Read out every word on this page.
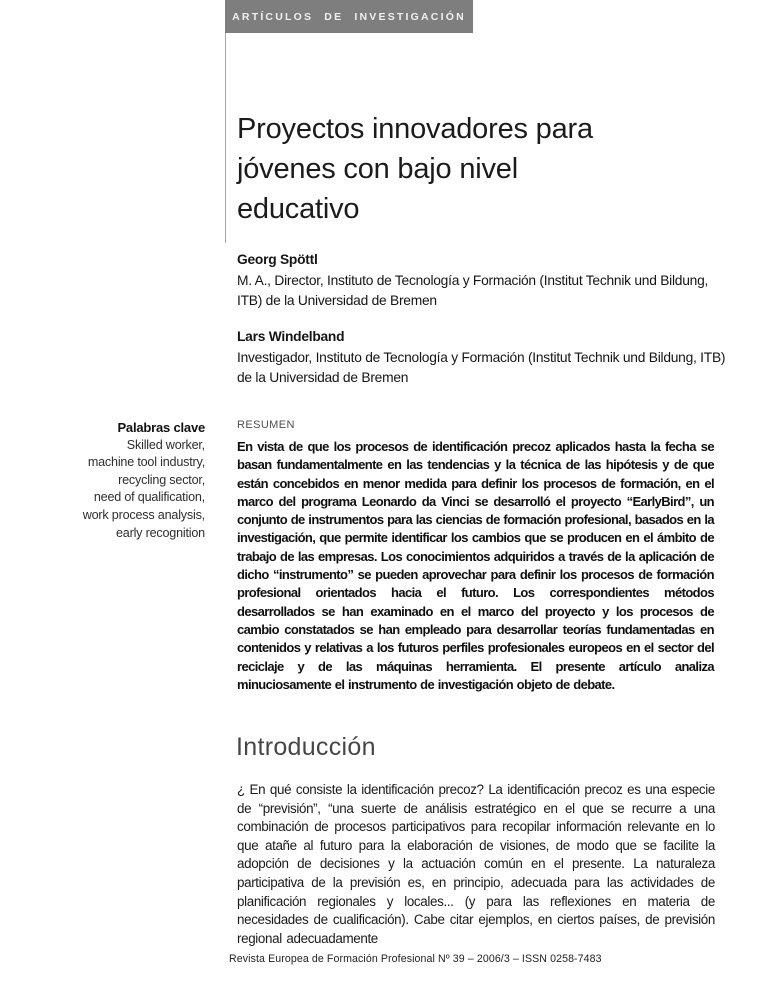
ARTÍCULOS DE INVESTIGACIÓN
Proyectos innovadores para
jóvenes con bajo nivel
educativo
Georg Spöttl
M. A., Director, Instituto de Tecnología y Formación (Institut Technik und Bildung, ITB) de la Universidad de Bremen
Lars Windelband
Investigador, Instituto de Tecnología y Formación (Institut Technik und Bildung, ITB) de la Universidad de Bremen
Palabras clave
Skilled worker,
machine tool industry,
recycling sector,
need of qualification,
work process analysis,
early recognition
RESUMEN
En vista de que los procesos de identificación precoz aplicados hasta la fecha se basan fundamentalmente en las tendencias y la técnica de las hipótesis y de que están concebidos en menor medida para definir los procesos de formación, en el marco del programa Leonardo da Vinci se desarrolló el proyecto “EarlyBird”, un conjunto de instrumentos para las ciencias de formación profesional, basados en la investigación, que permite identificar los cambios que se producen en el ámbito de trabajo de las empresas. Los conocimientos adquiridos a través de la aplicación de dicho “instrumento” se pueden aprovechar para definir los procesos de formación profesional orientados hacia el futuro. Los correspondientes métodos desarrollados se han examinado en el marco del proyecto y los procesos de cambio constatados se han empleado para desarrollar teorías fundamentadas en contenidos y relativas a los futuros perfiles profesionales europeos en el sector del reciclaje y de las máquinas herramienta. El presente artículo analiza minuciosamente el instrumento de investigación objeto de debate.
Introducción
¿ En qué consiste la identificación precoz? La identificación precoz es una especie de “previsión”, “una suerte de análisis estratégico en el que se recurre a una combinación de procesos participativos para recopilar información relevante en lo que atañe al futuro para la elaboración de visiones, de modo que se facilite la adopción de decisiones y la actuación común en el presente. La naturaleza participativa de la previsión es, en principio, adecuada para las actividades de planificación regionales y locales... (y para las reflexiones en materia de necesidades de cualificación). Cabe citar ejemplos, en ciertos países, de previsión regional adecuadamente
Revista Europea de Formación Profesional Nº 39 – 2006/3 – ISSN 0258-7483
